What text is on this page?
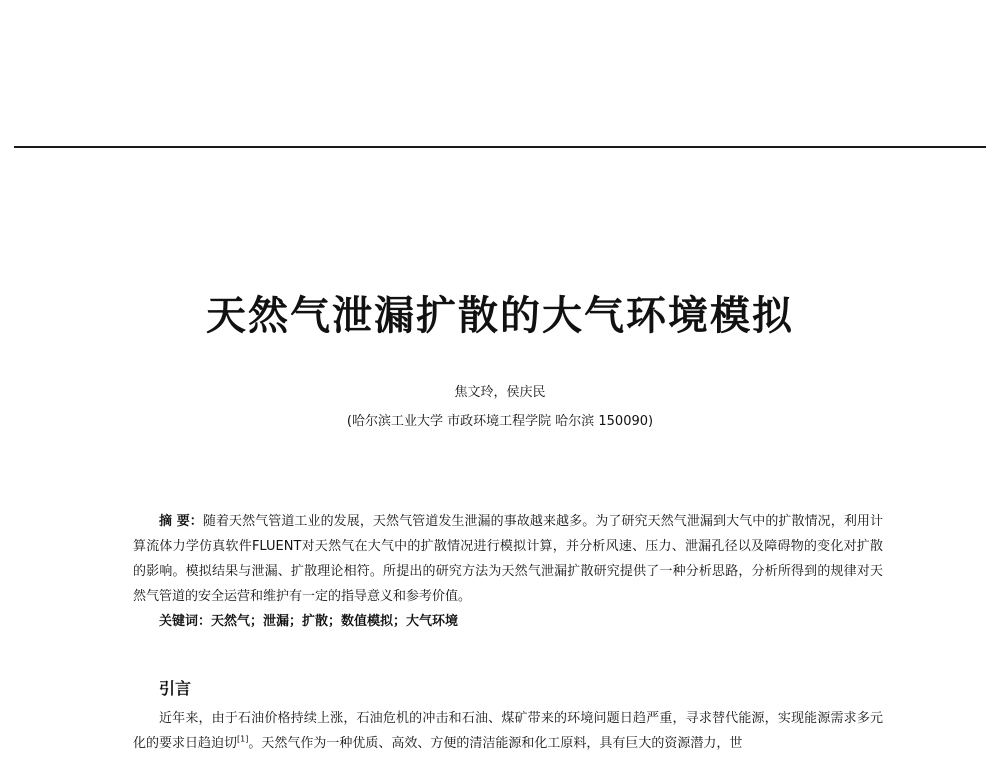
天然气泄漏扩散的大气环境模拟

焦文玲，侯庆民

(哈尔滨工业大学 市政环境工程学院 哈尔滨 150090)

摘 要：随着天然气管道工业的发展，天然气管道发生泄漏的事故越来越多。为了研究天然气泄漏到大气中的扩散情况，利用计算流体力学仿真软件FLUENT对天然气在大气中的扩散情况进行模拟计算，并分析风速、压力、泄漏孔径以及障碍物的变化对扩散的影响。模拟结果与泄漏、扩散理论相符。所提出的研究方法为天然气泄漏扩散研究提供了一种分析思路，分析所得到的规律对天然气管道的安全运营和维护有一定的指导意义和参考价值。

关键词：天然气；泄漏；扩散；数值模拟；大气环境

引言

近年来，由于石油价格持续上涨，石油危机的冲击和石油、煤矿带来的环境问题日趋严重，寻求替代能源，实现能源需求多元化的要求日趋迫切[1]。天然气作为一种优质、高效、方便的清洁能源和化工原料，具有巨大的资源潜力，世
